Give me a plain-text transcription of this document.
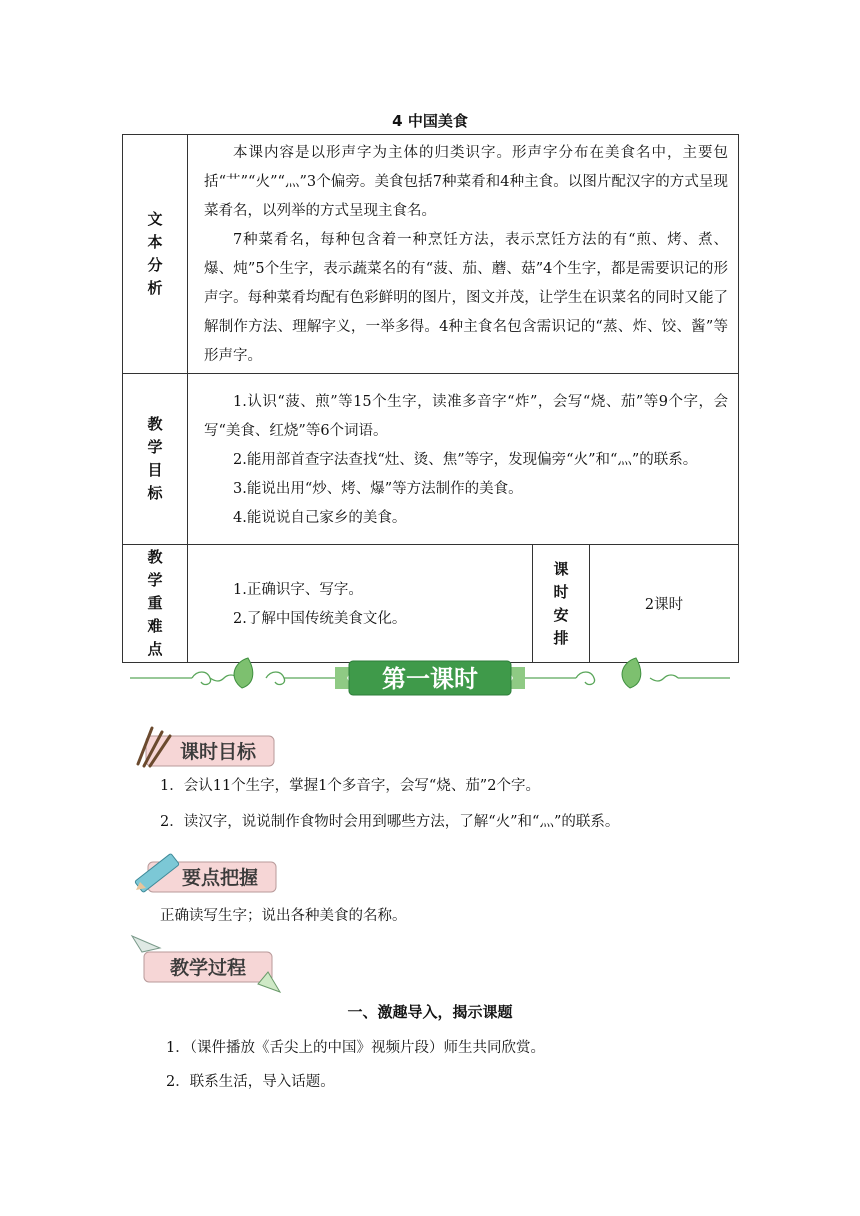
4 中国美食
文本分析	本课内容是以形声字为主体的归类识字。形声字分布在美食名中，主要包括“艹”“火”“灬”3个偏旁。美食包括7种菜肴和4种主食。以图片配汉字的方式呈现菜肴名，以列举的方式呈现主食名。

7种菜肴名，每种包含着一种烹饪方法，表示烹饪方法的有“煎、烤、煮、爆、炖”5个生字，表示蔬菜名的有“菠、茄、蘑、菇”4个生字，都是需要识记的形声字。每种菜肴均配有色彩鲜明的图片，图文并茂，让学生在识菜名的同时又能了解制作方法、理解字义，一举多得。4种主食名包含需识记的“蒸、炸、饺、酱”等形声字。		

教学目标	1.认识“菠、煎”等15个生字，读准多音字“炸”，会写“烧、茄”等9个字，会写“美食、红烧”等6个词语。

2.能用部首查字法查找“灶、烫、焦”等字，发现偏旁“火”和“灬”的联系。

3.能说出用“炒、烤、爆”等方法制作的美食。

4.能说说自己家乡的美食。		

教学重难点	1.正确识字、写字。

2.了解中国传统美食文化。	课时安排	2课时
第一课时
课时目标
1．会认11个生字，掌握1个多音字，会写“烧、茄”2个字。
2．读汉字，说说制作食物时会用到哪些方法，了解“火”和“灬”的联系。
要点把握
正确读写生字；说出各种美食的名称。
教学过程
一、激趣导入，揭示课题
1．（课件播放《舌尖上的中国》视频片段）师生共同欣赏。
2．联系生活，导入话题。
